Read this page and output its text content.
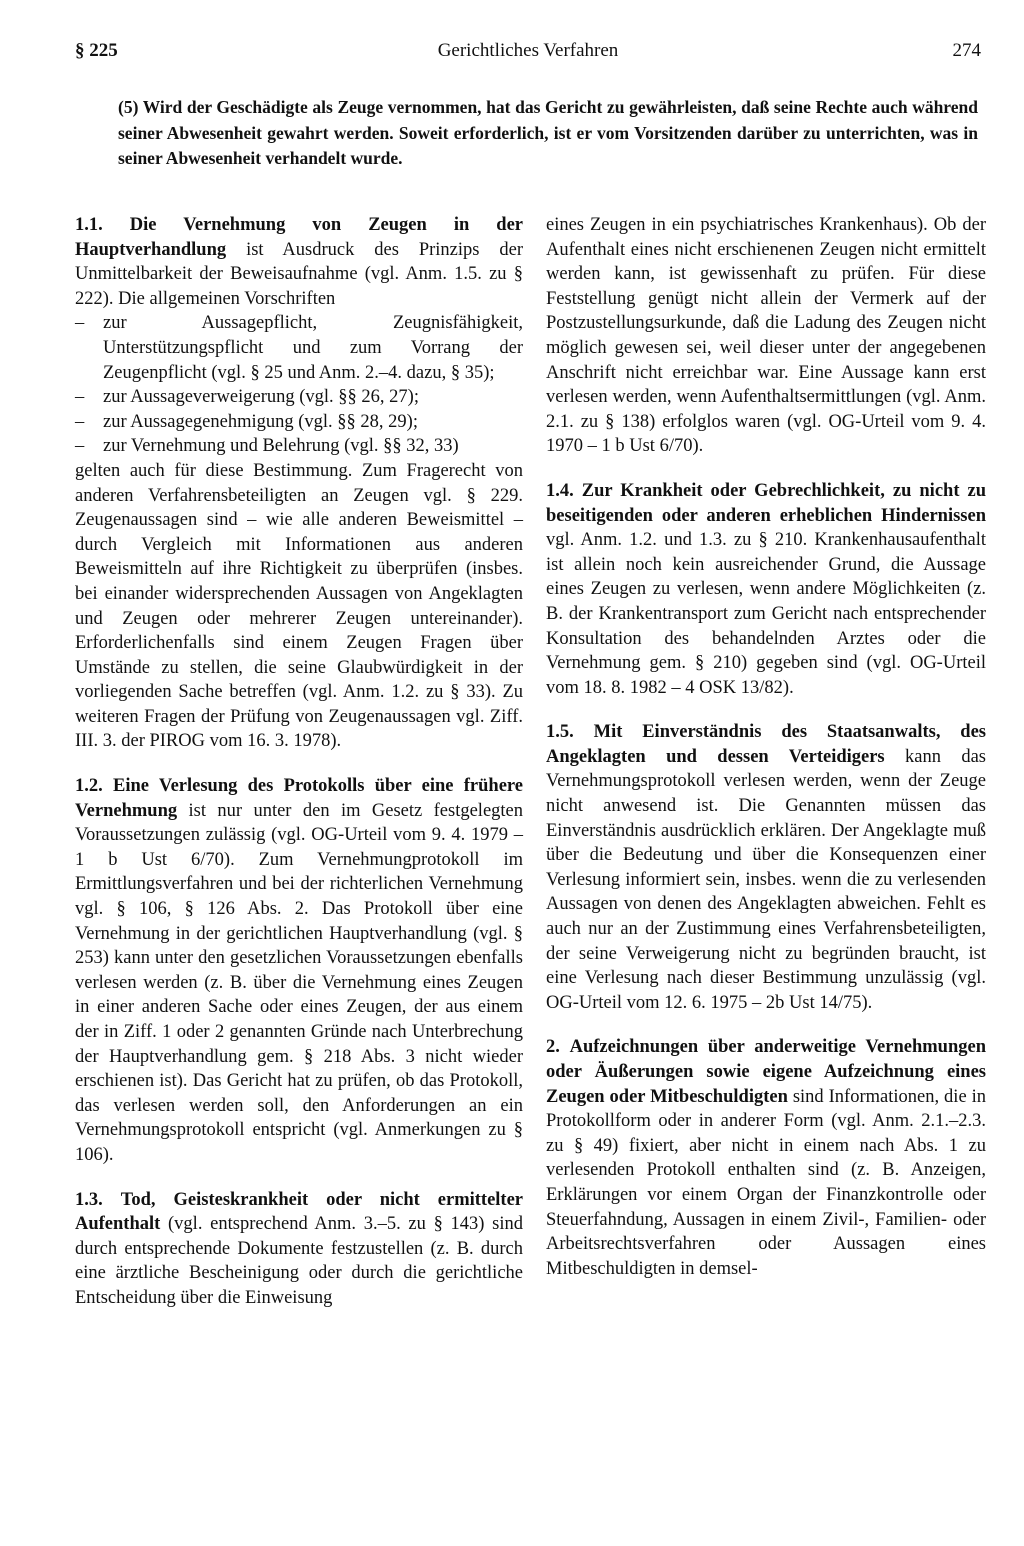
§ 225	Gerichtliches Verfahren	274
(5) Wird der Geschädigte als Zeuge vernommen, hat das Gericht zu gewährleisten, daß seine Rechte auch während seiner Abwesenheit gewahrt werden. Soweit erforderlich, ist er vom Vorsitzenden darüber zu unterrichten, was in seiner Abwesenheit verhandelt wurde.

1.1. Die Vernehmung von Zeugen in der Hauptverhandlung ist Ausdruck des Prinzips der Unmittelbarkeit der Beweisaufnahme (vgl. Anm. 1.5. zu § 222). Die allgemeinen Vorschriften

– zur Aussagepflicht, Zeugnisfähigkeit, Unterstützungspflicht und zum Vorrang der Zeugenpflicht (vgl. § 25 und Anm. 2.–4. dazu, § 35);
– zur Aussageverweigerung (vgl. §§ 26, 27);
– zur Aussagegenehmigung (vgl. §§ 28, 29);
– zur Vernehmung und Belehrung (vgl. §§ 32, 33)

gelten auch für diese Bestimmung. Zum Fragerecht von anderen Verfahrensbeteiligten an Zeugen vgl. § 229. Zeugenaussagen sind – wie alle anderen Beweismittel – durch Vergleich mit Informationen aus anderen Beweismitteln auf ihre Richtigkeit zu überprüfen (insbes. bei einander widersprechenden Aussagen von Angeklagten und Zeugen oder mehrerer Zeugen untereinander). Erforderlichenfalls sind einem Zeugen Fragen über Umstände zu stellen, die seine Glaubwürdigkeit in der vorliegenden Sache betreffen (vgl. Anm. 1.2. zu § 33). Zu weiteren Fragen der Prüfung von Zeugenaussagen vgl. Ziff. III. 3. der PIROG vom 16. 3. 1978).

1.2. Eine Verlesung des Protokolls über eine frühere Vernehmung ist nur unter den im Gesetz festgelegten Voraussetzungen zulässig (vgl. OG-Urteil vom 9. 4. 1979 – 1 b Ust 6/70). Zum Vernehmungprotokoll im Ermittlungsverfahren und bei der richterlichen Vernehmung vgl. § 106, § 126 Abs. 2. Das Protokoll über eine Vernehmung in der gerichtlichen Hauptverhandlung (vgl. § 253) kann unter den gesetzlichen Voraussetzungen ebenfalls verlesen werden (z. B. über die Vernehmung eines Zeugen in einer anderen Sache oder eines Zeugen, der aus einem der in Ziff. 1 oder 2 genannten Gründe nach Unterbrechung der Hauptverhandlung gem. § 218 Abs. 3 nicht wieder erschienen ist). Das Gericht hat zu prüfen, ob das Protokoll, das verlesen werden soll, den Anforderungen an ein Vernehmungsprotokoll entspricht (vgl. Anmerkungen zu § 106).

1.3. Tod, Geisteskrankheit oder nicht ermittelter Aufenthalt (vgl. entsprechend Anm. 3.–5. zu § 143) sind durch entsprechende Dokumente festzustellen (z. B. durch eine ärztliche Bescheinigung oder durch die gerichtliche Entscheidung über die Einweisung

eines Zeugen in ein psychiatrisches Krankenhaus). Ob der Aufenthalt eines nicht erschienenen Zeugen nicht ermittelt werden kann, ist gewissenhaft zu prüfen. Für diese Feststellung genügt nicht allein der Vermerk auf der Postzustellungsurkunde, daß die Ladung des Zeugen nicht möglich gewesen sei, weil dieser unter der angegebenen Anschrift nicht erreichbar war. Eine Aussage kann erst verlesen werden, wenn Aufenthaltsermittlungen (vgl. Anm. 2.1. zu § 138) erfolglos waren (vgl. OG-Urteil vom 9. 4. 1970 – 1 b Ust 6/70).

1.4. Zur Krankheit oder Gebrechlichkeit, zu nicht zu beseitigenden oder anderen erheblichen Hindernissen vgl. Anm. 1.2. und 1.3. zu § 210. Krankenhausaufenthalt ist allein noch kein ausreichender Grund, die Aussage eines Zeugen zu verlesen, wenn andere Möglichkeiten (z. B. der Krankentransport zum Gericht nach entsprechender Konsultation des behandelnden Arztes oder die Vernehmung gem. § 210) gegeben sind (vgl. OG-Urteil vom 18. 8. 1982 – 4 OSK 13/82).

1.5. Mit Einverständnis des Staatsanwalts, des Angeklagten und dessen Verteidigers kann das Vernehmungsprotokoll verlesen werden, wenn der Zeuge nicht anwesend ist. Die Genannten müssen das Einverständnis ausdrücklich erklären. Der Angeklagte muß über die Bedeutung und über die Konsequenzen einer Verlesung informiert sein, insbes. wenn die zu verlesenden Aussagen von denen des Angeklagten abweichen. Fehlt es auch nur an der Zustimmung eines Verfahrensbeteiligten, der seine Verweigerung nicht zu begründen braucht, ist eine Verlesung nach dieser Bestimmung unzulässig (vgl. OG-Urteil vom 12. 6. 1975 – 2b Ust 14/75).

2. Aufzeichnungen über anderweitige Vernehmungen oder Äußerungen sowie eigene Aufzeichnung eines Zeugen oder Mitbeschuldigten sind Informationen, die in Protokollform oder in anderer Form (vgl. Anm. 2.1.–2.3. zu § 49) fixiert, aber nicht in einem nach Abs. 1 zu verlesenden Protokoll enthalten sind (z. B. Anzeigen, Erklärungen vor einem Organ der Finanzkontrolle oder Steuerfahndung, Aussagen in einem Zivil-, Familien- oder Arbeitsrechtsverfahren oder Aussagen eines Mitbeschuldigten in demsel-
